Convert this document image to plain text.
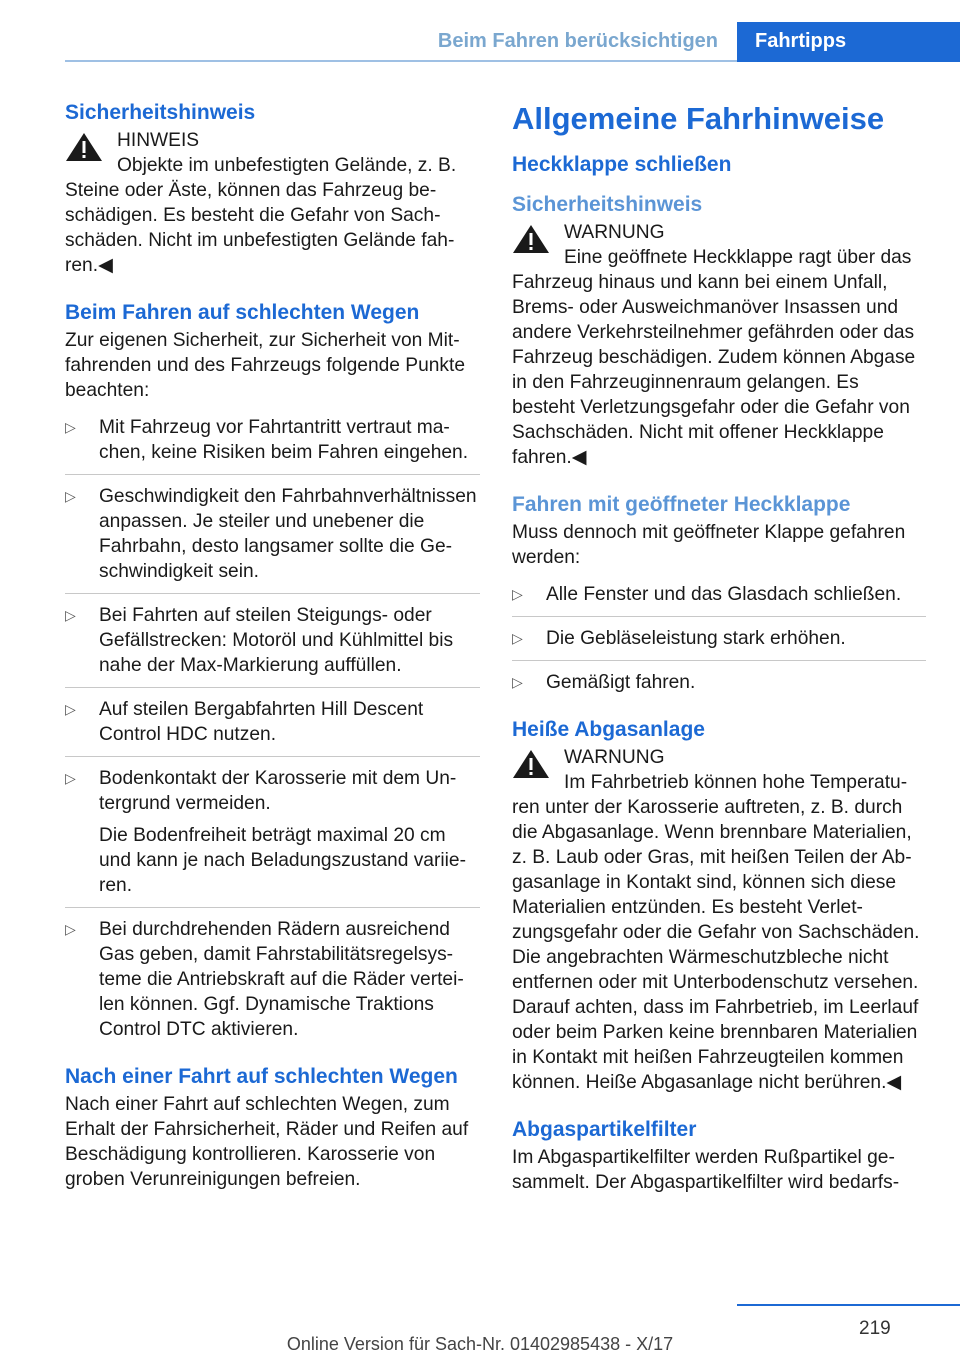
Beim Fahren berücksichtigen	Fahrtipps
Sicherheitshinweis
HINWEIS

Objekte im unbefestigten Gelände, z. B. Steine oder Äste, können das Fahrzeug beschädigen. Es besteht die Gefahr von Sachschäden. Nicht im unbefestigten Gelände fahren.◀

Beim Fahren auf schlechten Wegen

Zur eigenen Sicherheit, zur Sicherheit von Mitfahrenden und des Fahrzeugs folgende Punkte beachten:

▷ Mit Fahrzeug vor Fahrtantritt vertraut machen, keine Risiken beim Fahren eingehen.
▷ Geschwindigkeit den Fahrbahnverhältnissen anpassen. Je steiler und unebener die Fahrbahn, desto langsamer sollte die Geschwindigkeit sein.
▷ Bei Fahrten auf steilen Steigungs- oder Gefällstrecken: Motoröl und Kühlmittel bis nahe der Max-Markierung auffüllen.
▷ Auf steilen Bergabfahrten Hill Descent Control HDC nutzen.
▷ Bodenkontakt der Karosserie mit dem Untergrund vermeiden.
Die Bodenfreiheit beträgt maximal 20 cm und kann je nach Beladungszustand variieren.
▷ Bei durchdrehenden Rädern ausreichend Gas geben, damit Fahrstabilitätsregelsysteme die Antriebskraft auf die Räder verteilen können. Ggf. Dynamische Traktions Control DTC aktivieren.
Nach einer Fahrt auf schlechten Wegen

Nach einer Fahrt auf schlechten Wegen, zum Erhalt der Fahrsicherheit, Räder und Reifen auf Beschädigung kontrollieren. Karosserie von groben Verunreinigungen befreien.

Allgemeine Fahrhinweise
Heckklappe schließen
Sicherheitshinweis
WARNUNG

Eine geöffnete Heckklappe ragt über das Fahrzeug hinaus und kann bei einem Unfall, Brems- oder Ausweichmanöver Insassen und andere Verkehrsteilnehmer gefährden oder das Fahrzeug beschädigen. Zudem können Abgase in den Fahrzeuginnenraum gelangen. Es besteht Verletzungsgefahr oder die Gefahr von Sachschäden. Nicht mit offener Heckklappe fahren.◀

Fahren mit geöffneter Heckklappe

Muss dennoch mit geöffneter Klappe gefahren werden:

▷ Alle Fenster und das Glasdach schließen.
▷ Die Gebläseleistung stark erhöhen.
▷ Gemäßigt fahren.
Heiße Abgasanlage
WARNUNG

Im Fahrbetrieb können hohe Temperaturen unter der Karosserie auftreten, z. B. durch die Abgasanlage. Wenn brennbare Materialien, z. B. Laub oder Gras, mit heißen Teilen der Abgasanlage in Kontakt sind, können sich diese Materialien entzünden. Es besteht Verletzungsgefahr oder die Gefahr von Sachschäden. Die angebrachten Wärmeschutzbleche nicht entfernen oder mit Unterbodenschutz versehen. Darauf achten, dass im Fahrbetrieb, im Leerlauf oder beim Parken keine brennbaren Materialien in Kontakt mit heißen Fahrzeugteilen kommen können. Heiße Abgasanlage nicht berühren.◀

Abgaspartikelfilter

Im Abgaspartikelfilter werden Rußpartikel gesammelt. Der Abgaspartikelfilter wird bedarfs-

219
Online Version für Sach-Nr. 01402985438 - X/17
